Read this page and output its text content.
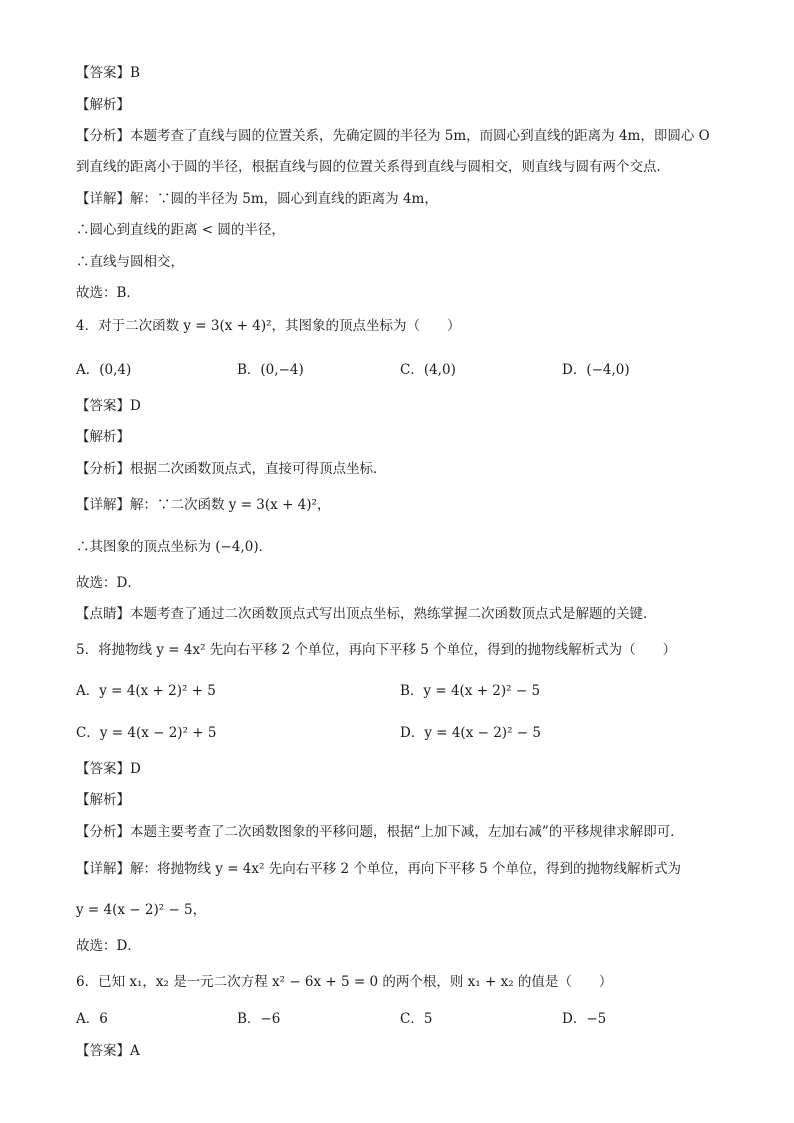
【答案】B
【解析】
【分析】本题考查了直线与圆的位置关系，先确定圆的半径为 5m，而圆心到直线的距离为 4m，即圆心 O
到直线的距离小于圆的半径，根据直线与圆的位置关系得到直线与圆相交，则直线与圆有两个交点．
【详解】解：∵圆的半径为 5m，圆心到直线的距离为 4m，
∴圆心到直线的距离 < 圆的半径，
∴直线与圆相交，
故选：B．
4．对于二次函数 y = 3(x + 4)²，其图象的顶点坐标为（　　）
A．(0,4)	B．(0,−4)	C．(4,0)	D．(−4,0)
【答案】D
【解析】
【分析】根据二次函数顶点式，直接可得顶点坐标．
【详解】解：∵二次函数 y = 3(x + 4)²，
∴其图象的顶点坐标为 (−4,0)．
故选：D．
【点睛】本题考查了通过二次函数顶点式写出顶点坐标，熟练掌握二次函数顶点式是解题的关键．
5．将抛物线 y = 4x² 先向右平移 2 个单位，再向下平移 5 个单位，得到的抛物线解析式为（　　）
A．y = 4(x + 2)² + 5	B．y = 4(x + 2)² − 5
C．y = 4(x − 2)² + 5	D．y = 4(x − 2)² − 5
【答案】D
【解析】
【分析】本题主要考查了二次函数图象的平移问题，根据“上加下减，左加右减”的平移规律求解即可．
【详解】解：将抛物线 y = 4x² 先向右平移 2 个单位，再向下平移 5 个单位，得到的抛物线解析式为
y = 4(x − 2)² − 5，
故选：D．
6．已知 x₁，x₂ 是一元二次方程 x² − 6x + 5 = 0 的两个根，则 x₁ + x₂ 的值是（　　）
A．6	B．−6	C．5	D．−5
【答案】A
